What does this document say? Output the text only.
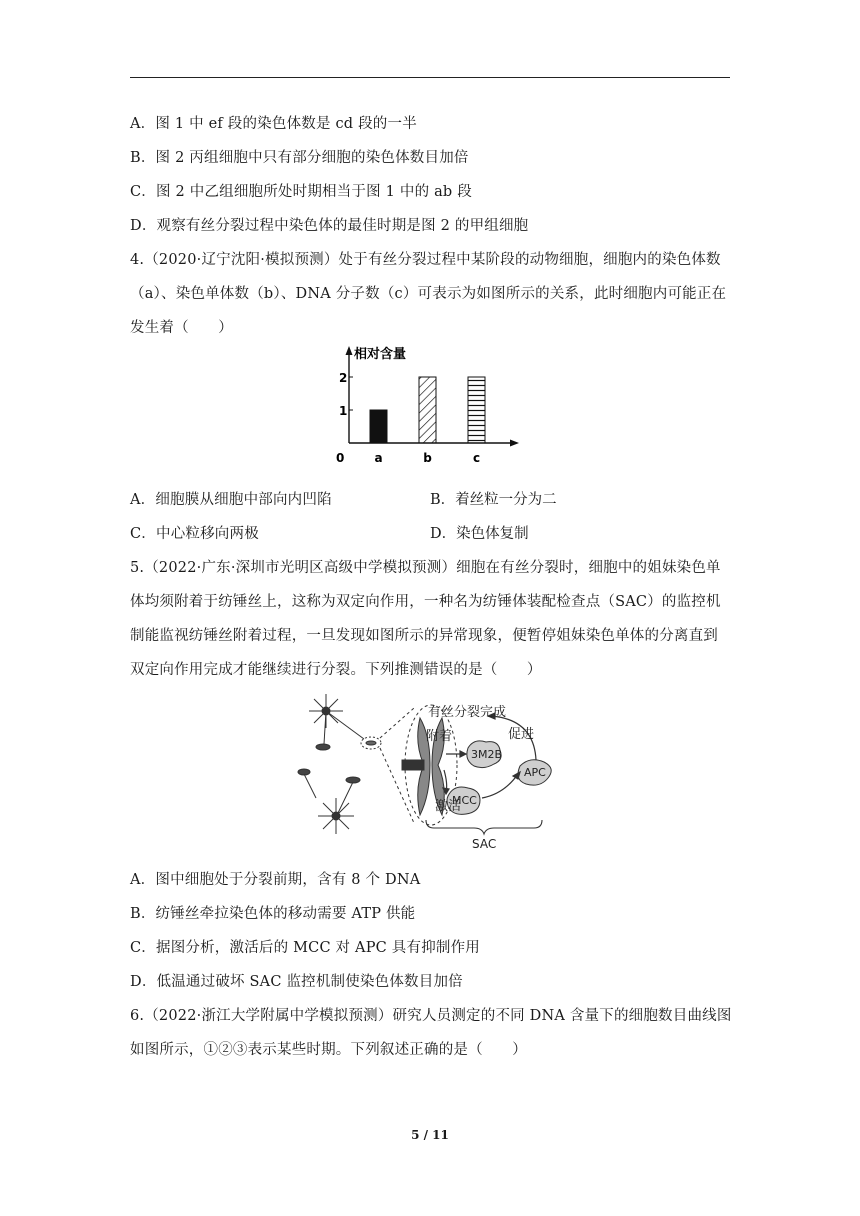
A．图 1 中 ef 段的染色体数是 cd 段的一半
B．图 2 丙组细胞中只有部分细胞的染色体数目加倍
C．图 2 中乙组细胞所处时期相当于图 1 中的 ab 段
D．观察有丝分裂过程中染色体的最佳时期是图 2 的甲组细胞
4.（2020·辽宁沈阳·模拟预测）处于有丝分裂过程中某阶段的动物细胞，细胞内的染色体数
（a）、染色单体数（b）、DNA 分子数（c）可表示为如图所示的关系，此时细胞内可能正在
发生着（　　）
相对含量
0
1
2
a	b	c
A．细胞膜从细胞中部向内凹陷	B．着丝粒一分为二
C．中心粒移向两极	D．染色体复制
5.（2022·广东·深圳市光明区高级中学模拟预测）细胞在有丝分裂时，细胞中的姐妹染色单
体均须附着于纺锤丝上，这称为双定向作用，一种名为纺锤体装配检查点（SAC）的监控机
制能监视纺锤丝附着过程，一旦发现如图所示的异常现象，便暂停姐妹染色单体的分离直到
双定向作用完成才能继续进行分裂。下列推测错误的是（　　）
有丝分裂完成
附着	促进
激活
3M2B
MCC
APC
SAC
A．图中细胞处于分裂前期，含有 8 个 DNA
B．纺锤丝牵拉染色体的移动需要 ATP 供能
C．据图分析，激活后的 MCC 对 APC 具有抑制作用
D．低温通过破坏 SAC 监控机制使染色体数目加倍
6.（2022·浙江大学附属中学模拟预测）研究人员测定的不同 DNA 含量下的细胞数目曲线图
如图所示，①②③表示某些时期。下列叙述正确的是（　　）
5 / 11
